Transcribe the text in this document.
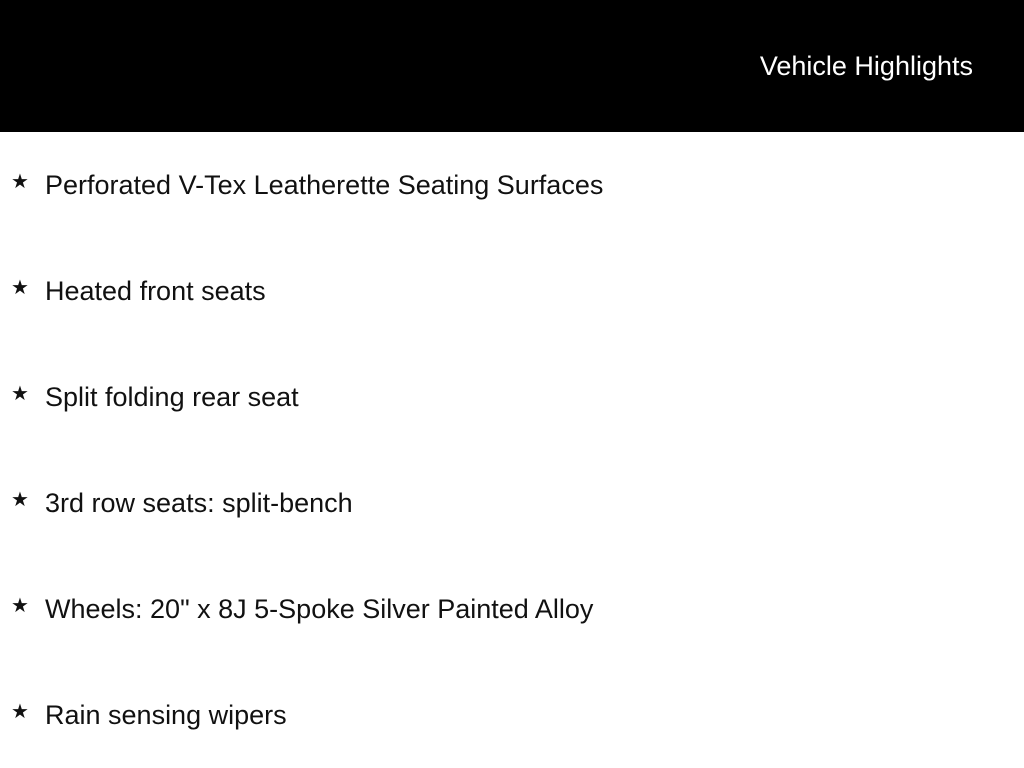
Vehicle Highlights
★ Perforated V-Tex Leatherette Seating Surfaces
★ Heated front seats
★ Split folding rear seat
★ 3rd row seats: split-bench
★ Wheels: 20" x 8J 5-Spoke Silver Painted Alloy
★ Rain sensing wipers
